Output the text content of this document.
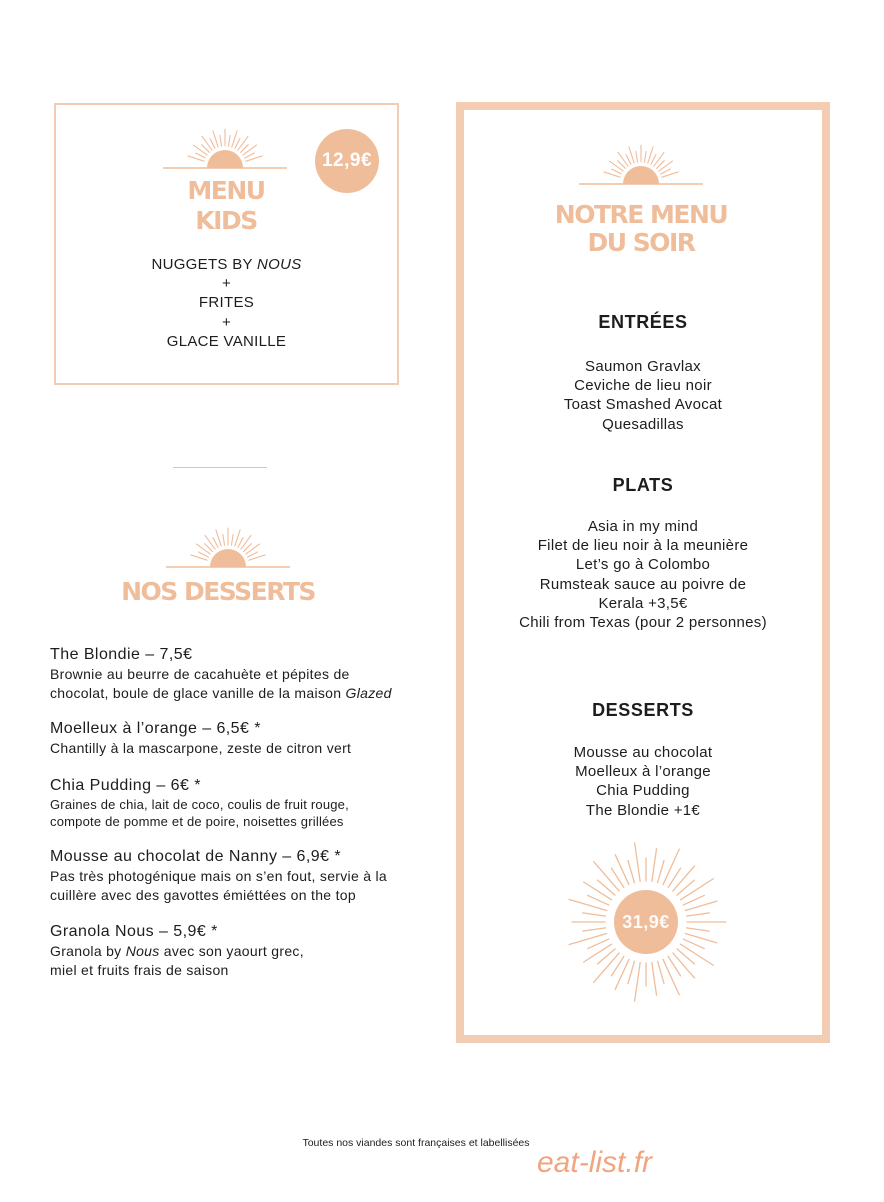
MENU
KIDS
12,9€
NUGGETS BY NOUS
+
FRITES
+
GLACE VANILLE
NOS DESSERTS
The Blondie – 7,5€
Brownie au beurre de cacahuète et pépites de
chocolat, boule de glace vanille de la maison Glazed
Moelleux à l’orange – 6,5€ *
Chantilly à la mascarpone, zeste de citron vert
Chia Pudding – 6€ *
Graines de chia, lait de coco, coulis de fruit rouge,
compote de pomme et de poire, noisettes grillées
Mousse au chocolat de Nanny – 6,9€ *
Pas très photogénique mais on s’en fout, servie à la
cuillère avec des gavottes émiéttées on the top
Granola Nous – 5,9€ *
Granola by Nous avec son yaourt grec,
miel et fruits frais de saison
NOTRE MENU
DU SOIR
ENTRÉES
Saumon Gravlax
Ceviche de lieu noir
Toast Smashed Avocat
Quesadillas
PLATS
Asia in my mind
Filet de lieu noir à la meunière
Let’s go à Colombo
Rumsteak sauce au poivre de
Kerala +3,5€
Chili from Texas (pour 2 personnes)
DESSERTS
Mousse au chocolat
Moelleux à l’orange
Chia Pudding
The Blondie +1€
31,9€
Toutes nos viandes sont françaises et labellisées
eat-list.fr
